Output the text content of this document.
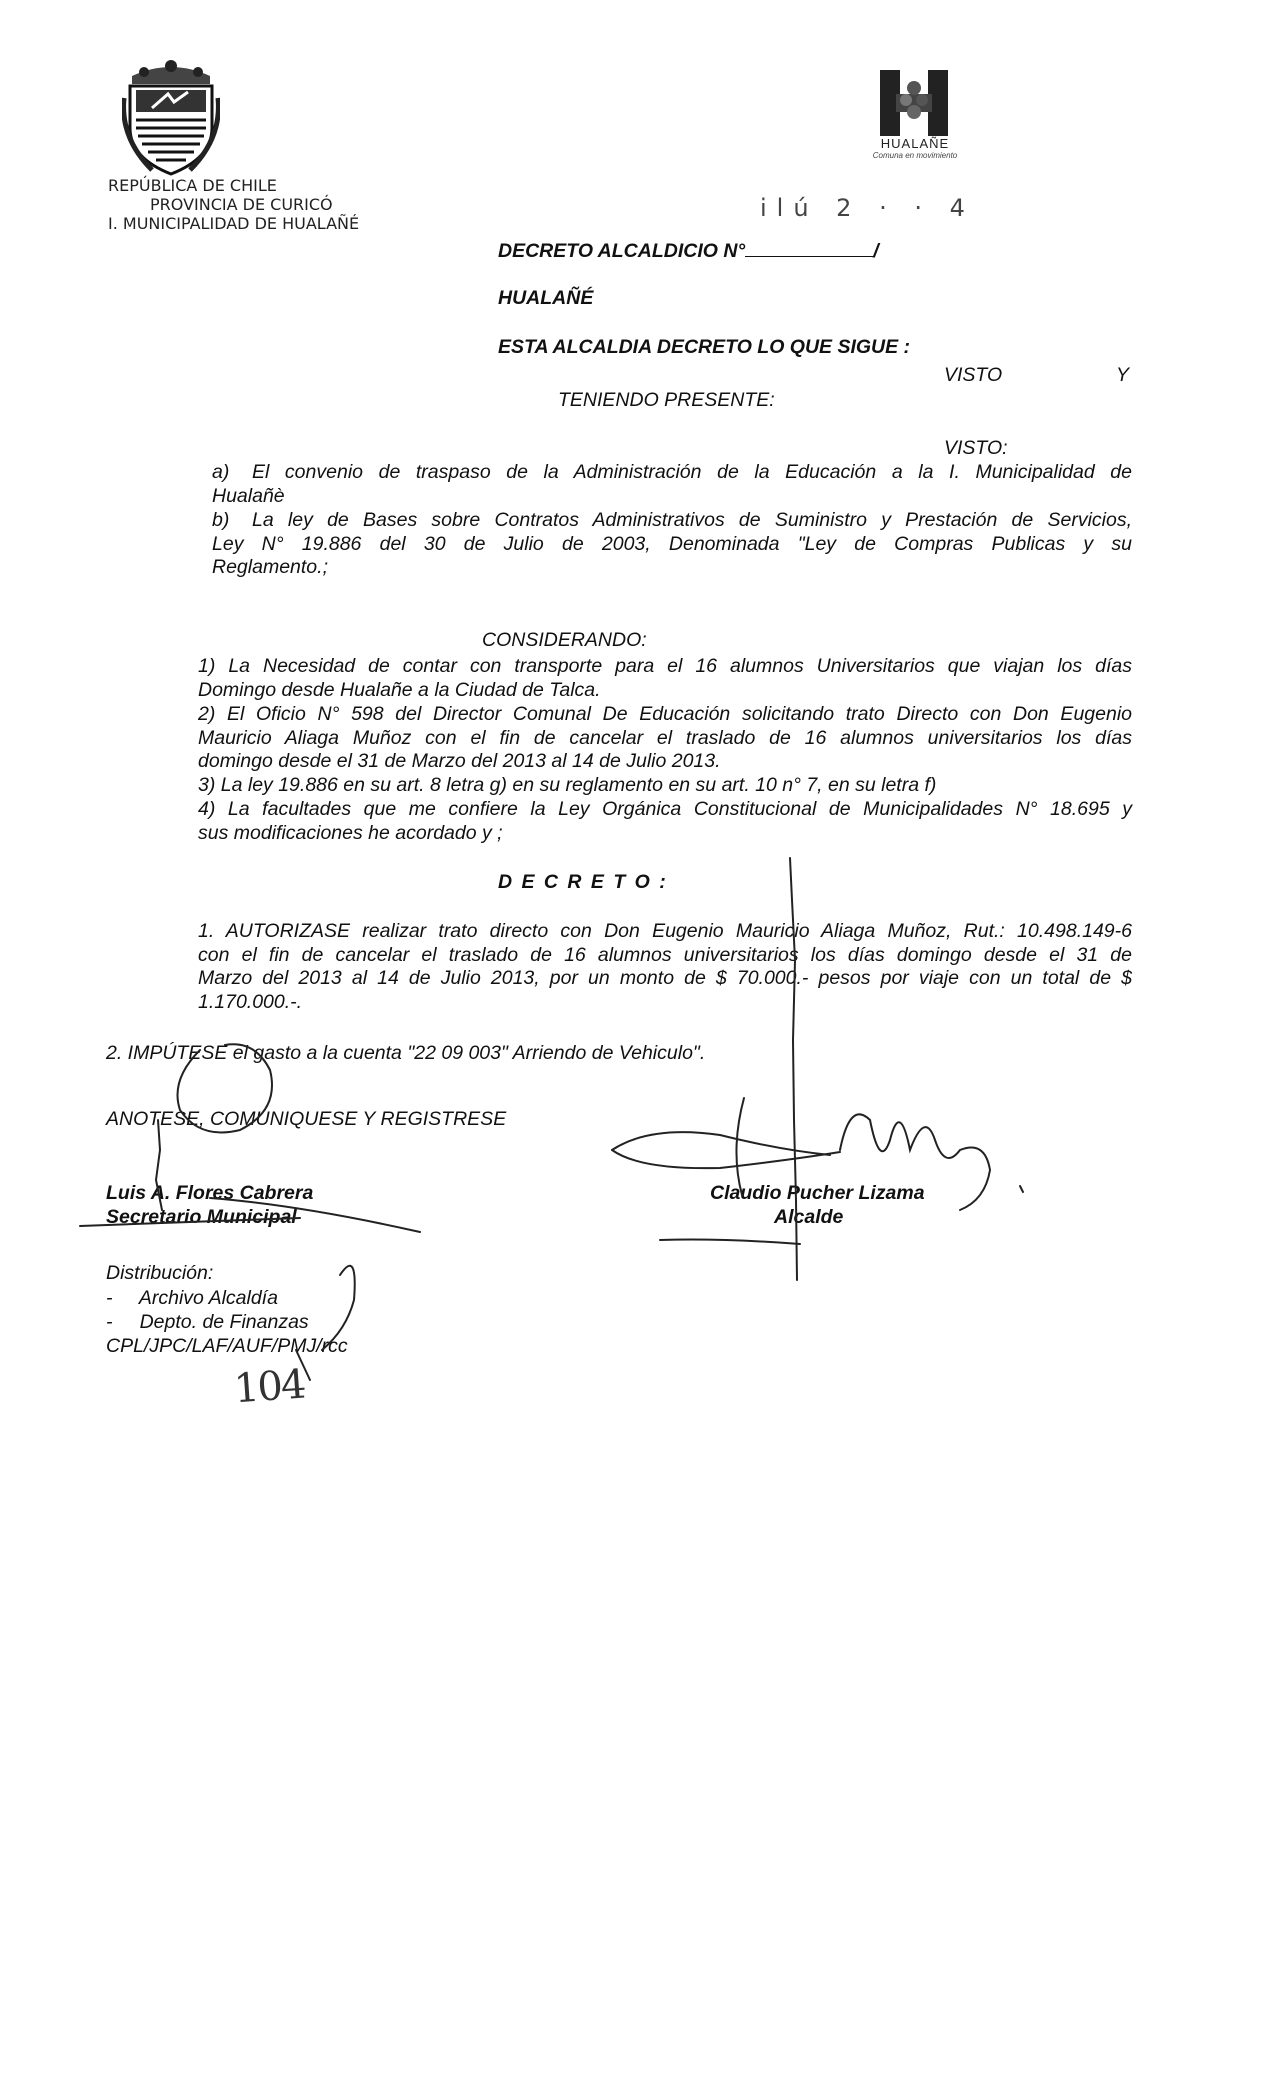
REPÚBLICA DE CHILE
PROVINCIA DE CURICÓ
I. MUNICIPALIDAD DE HUALAÑÉ
HUALAÑE
Comuna en movimiento
ilú 2 · · 4
DECRETO ALCALDICIO N°	/
HUALAÑÉ
ESTA ALCALDIA DECRETO LO QUE SIGUE :
VISTO	Y
TENIENDO PRESENTE:
VISTO:
a) El convenio de traspaso de la Administración de la Educación a la I. Municipalidad de
Hualañè
b) La ley de Bases sobre Contratos Administrativos de Suministro y Prestación de Servicios,
Ley N° 19.886 del 30 de Julio de 2003, Denominada "Ley de Compras Publicas y su
Reglamento.;
CONSIDERANDO:
1) La Necesidad de contar con transporte para el 16 alumnos Universitarios que viajan los días
Domingo desde Hualañe a la Ciudad de Talca.
2) El Oficio N° 598 del Director Comunal De Educación solicitando trato Directo con Don Eugenio
Mauricio Aliaga Muñoz con el fin de cancelar el traslado de 16 alumnos universitarios los días
domingo desde el 31 de Marzo del 2013 al 14 de Julio 2013.
3) La ley 19.886 en su art. 8 letra g) en su reglamento en su art. 10 n° 7, en su letra f)
4) La facultades que me confiere la Ley Orgánica Constitucional de Municipalidades N° 18.695 y
sus modificaciones he acordado y ;
D E C R E T O :
1. AUTORIZASE realizar trato directo con Don Eugenio Mauricio Aliaga Muñoz, Rut.: 10.498.149-6
con el fin de cancelar el traslado de 16 alumnos universitarios los días domingo desde el 31 de
Marzo del 2013 al 14 de Julio 2013, por un monto de $ 70.000.- pesos por viaje con un total de $
1.170.000.-.
2. IMPÚTESE el gasto a la cuenta "22 09 003" Arriendo de Vehiculo".
ANOTESE, COMUNIQUESE Y REGISTRESE
Luis A. Flores Cabrera
Secretario Municipal
Claudio Pucher Lizama
Alcalde
Distribución:
-     Archivo Alcaldía
-     Depto. de Finanzas
CPL/JPC/LAF/AUF/PMJ/rcc
104
